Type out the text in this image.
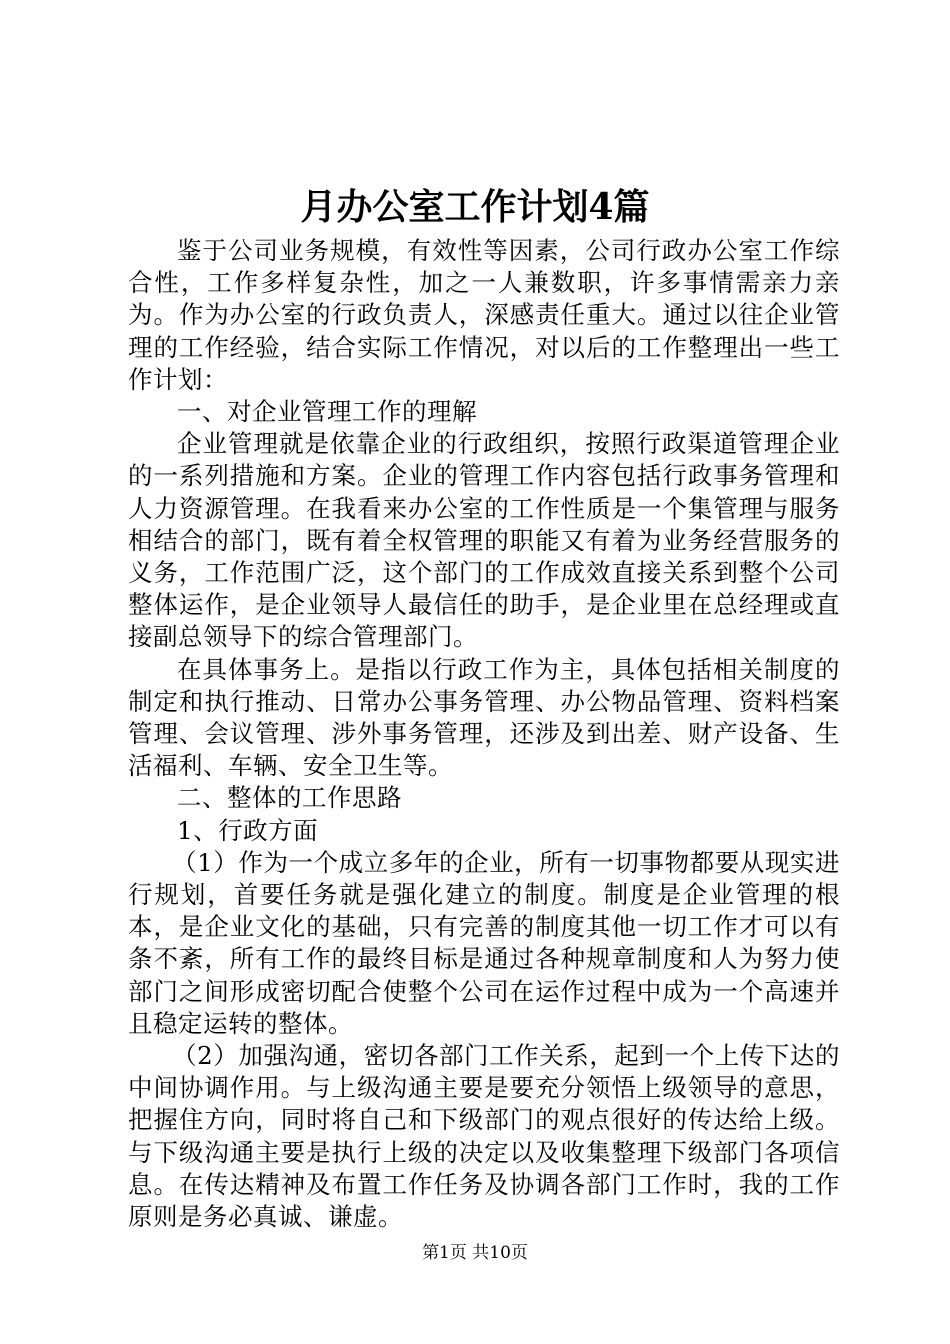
月办公室工作计划4篇

鉴于公司业务规模，有效性等因素，公司行政办公室工作综合性，工作多样复杂性，加之一人兼数职，许多事情需亲力亲为。作为办公室的行政负责人，深感责任重大。通过以往企业管理的工作经验，结合实际工作情况，对以后的工作整理出一些工作计划：

一、对企业管理工作的理解

企业管理就是依靠企业的行政组织，按照行政渠道管理企业的一系列措施和方案。企业的管理工作内容包括行政事务管理和人力资源管理。在我看来办公室的工作性质是一个集管理与服务相结合的部门，既有着全权管理的职能又有着为业务经营服务的义务，工作范围广泛，这个部门的工作成效直接关系到整个公司整体运作，是企业领导人最信任的助手，是企业里在总经理或直接副总领导下的综合管理部门。

在具体事务上。是指以行政工作为主，具体包括相关制度的制定和执行推动、日常办公事务管理、办公物品管理、资料档案管理、会议管理、涉外事务管理，还涉及到出差、财产设备、生活福利、车辆、安全卫生等。

二、整体的工作思路

1、行政方面

（1）作为一个成立多年的企业，所有一切事物都要从现实进行规划，首要任务就是强化建立的制度。制度是企业管理的根本，是企业文化的基础，只有完善的制度其他一切工作才可以有条不紊，所有工作的最终目标是通过各种规章制度和人为努力使部门之间形成密切配合使整个公司在运作过程中成为一个高速并且稳定运转的整体。

（2）加强沟通，密切各部门工作关系，起到一个上传下达的中间协调作用。与上级沟通主要是要充分领悟上级领导的意思，把握住方向，同时将自己和下级部门的观点很好的传达给上级。与下级沟通主要是执行上级的决定以及收集整理下级部门各项信息。在传达精神及布置工作任务及协调各部门工作时，我的工作原则是务必真诚、谦虚。

第1页 共10页
